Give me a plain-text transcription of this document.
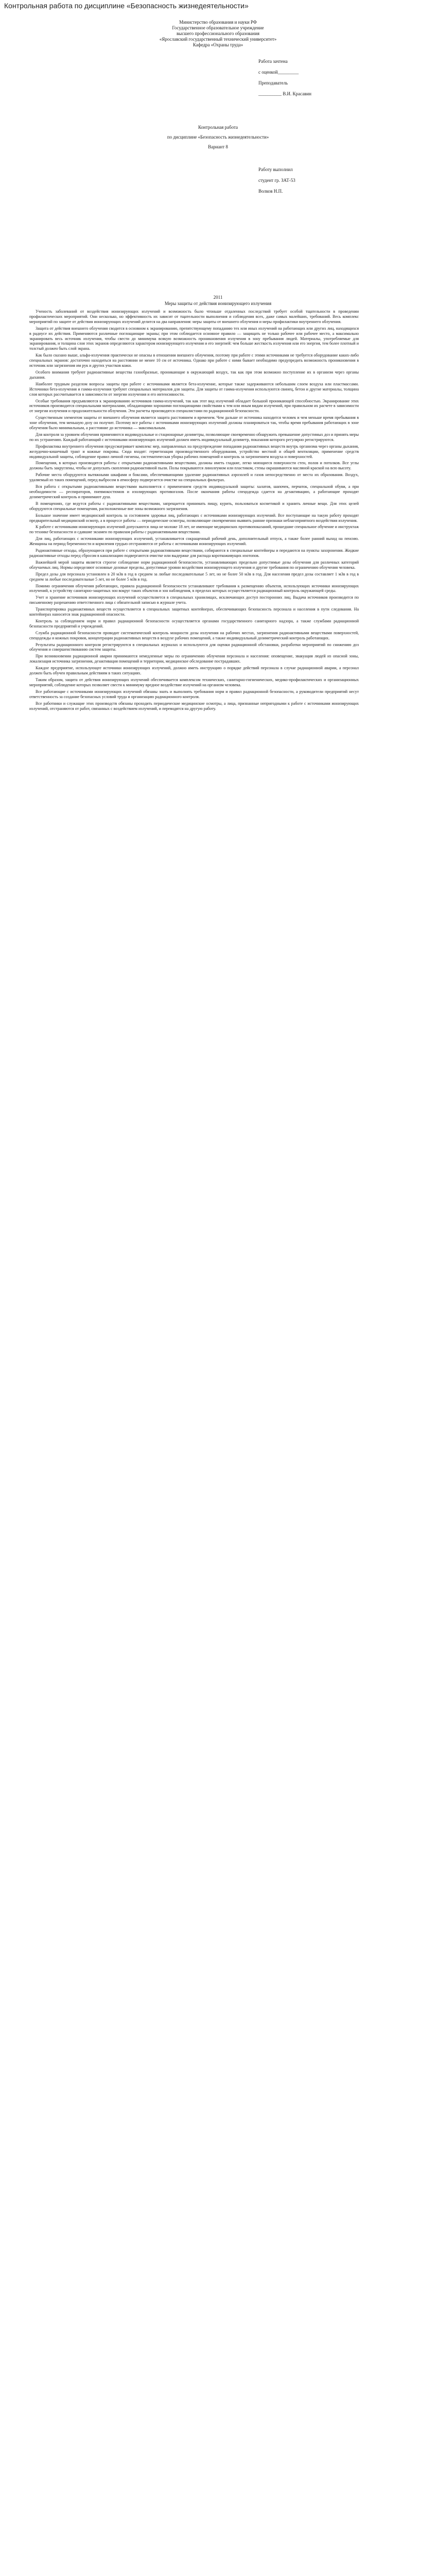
Контрольная работа по дисциплине «Безопасность жизнедеятельности»
Министерство образования и науки РФ
Государственное образовательное учреждение
высшего профессионального образования
«Ярославский государственный технический университет»
Кафедра «Охраны труда»
Работа зачтена
с оценкой_________
Преподаватель
__________ В.И. Красавин
Контрольная работа
по дисциплине «Безопасность жизнедеятельности»
Вариант 8
Работу выполнил
студент гр. ЗАТ-53
Волков Н.П.
2011
Меры защиты от действия ионизирующего излучения

Ученость заболеваний от воздействия ионизирующих излучений и возможность было чтоньше отдаленных последствий требует особой тщательности в проведении профилактических мероприятий. Они несколько, но эффективность их зависит от тщательности выполнения и соблюдения всех, даже самых малейших, требований. Весь комплекс мероприятий по защите от действия ионизирующих излучений делится на два направления: меры защиты от внешнего облучения и меры профилактики внутреннего облучения.

Защита от действия внешнего облучения сводится в основном к экранированию, препятствующему попаданию тех или иных излучений на работающих или других лиц, находящихся в радиусе их действия. Применяются различные поглощающие экраны; при этом соблюдается основное правило — защищать не только рабочее или рабочее место, а максимально экранировать весь источник излучения, чтобы свести до минимума всякую возможность проникновения излучения в зону пребывания людей. Материалы, употребляемые для экранирования, и толщина слоя этих экранов определяются характером ионизирующего излучения и его энергией: чем больше жесткость излучения или его энергия, тем более плотный и толстый должен быть слой экрана.

Как было сказано выше, альфа-излучения практически не опасны в отношении внешнего облучения, поэтому при работе с этими источниками не требуется оборудование каких-либо специальных экранов: достаточно находиться на расстоянии не менее 10 см от источника. Однако при работе с ними бывает необходимо предупредить возможность проникновения в источник или загрязнения им рук и других участков кожи.

Особого внимания требуют радиоактивные вещества газообразные, проникающие в окружающий воздух, так как при этом возможно поступление их в организм через органы дыхания.

Наиболее трудным разделом вопросы защиты при работе с источниками является бета-излучение, которые также задерживаются небольшим слоем воздуха или пластмассами. Источники бета-излучения и гамма-излучения требуют специальных материалов для защиты. Для защиты от гамма-излучения используются свинец, бетон и другие материалы, толщина слоя которых рассчитывается в зависимости от энергии излучения и его интенсивности.

Особые требования предъявляются к экранированию источников гамма-излучений, так как этот вид излучений обладает большой проникающей способностью. Экранирование этих источников производится специальными материалами, обладающими хорошими поглощающими свойствами к тем или иным видам излучений, при правильном их расчете в зависимости от энергии излучения и продолжительности облучения. Эти расчеты производятся специалистами по радиационной безопасности.

Существенным элементом защиты от внешнего облучения является защита расстоянием и временем. Чем дальше от источника находится человек и чем меньше время пребывания в зоне облучения, тем меньшую дозу он получит. Поэтому все работы с источниками ионизирующих излучений должны планироваться так, чтобы время пребывания работающих в зоне облучения было минимальным, а расстояние до источника — максимальным.

Для контроля за уровнем облучения применяются индивидуальные и стационарные дозиметры, позволяющие своевременно обнаружить превышение допустимых доз и принять меры по их устранению. Каждый работающий с источниками ионизирующих излучений должен иметь индивидуальный дозиметр, показания которого регулярно регистрируются.

Профилактика внутреннего облучения предусматривает комплекс мер, направленных на предупреждение попадания радиоактивных веществ внутрь организма через органы дыхания, желудочно-кишечный тракт и кожные покровы. Сюда входят: герметизация производственного оборудования, устройство местной и общей вентиляции, применение средств индивидуальной защиты, соблюдение правил личной гигиены, систематическая уборка рабочих помещений и контроль за загрязнением воздуха и поверхностей.

Помещения, в которых производятся работы с открытыми радиоактивными веществами, должны иметь гладкие, легко моющиеся поверхности стен, полов и потолков. Все углы должны быть закруглены, чтобы не допускать скопления радиоактивной пыли. Полы покрываются линолеумом или пластиком, стены окрашиваются масляной краской на всю высоту.

Рабочие места оборудуются вытяжными шкафами и боксами, обеспечивающими удаление радиоактивных аэрозолей и газов непосредственно от места их образования. Воздух, удаляемый из таких помещений, перед выбросом в атмосферу подвергается очистке на специальных фильтрах.

Вся работа с открытыми радиоактивными веществами выполняется с применением средств индивидуальной защиты: халатов, шапочек, перчаток, специальной обуви, а при необходимости — респираторов, пневмокостюмов и изолирующих противогазов. После окончания работы спецодежда сдается на дезактивацию, а работающие проходят дозиметрический контроль и принимают душ.

В помещениях, где ведутся работы с радиоактивными веществами, запрещается принимать пищу, курить, пользоваться косметикой и хранить личные вещи. Для этих целей оборудуются специальные помещения, расположенные вне зоны возможного загрязнения.

Большое значение имеет медицинский контроль за состоянием здоровья лиц, работающих с источниками ионизирующих излучений. Все поступающие на такую работу проходят предварительный медицинский осмотр, а в процессе работы — периодические осмотры, позволяющие своевременно выявить ранние признаки неблагоприятного воздействия излучения.

К работе с источниками ионизирующих излучений допускаются лица не моложе 18 лет, не имеющие медицинских противопоказаний, прошедшие специальное обучение и инструктаж по технике безопасности и сдавшие экзамен по правилам работы с радиоактивными веществами.

Для лиц, работающих с источниками ионизирующих излучений, устанавливается сокращенный рабочий день, дополнительный отпуск, а также более ранний выход на пенсию. Женщины на период беременности и кормления грудью отстраняются от работы с источниками ионизирующих излучений.

Радиоактивные отходы, образующиеся при работе с открытыми радиоактивными веществами, собираются в специальные контейнеры и передаются на пункты захоронения. Жидкие радиоактивные отходы перед сбросом в канализацию подвергаются очистке или выдержке для распада короткоживущих изотопов.

Важнейшей мерой защиты является строгое соблюдение норм радиационной безопасности, устанавливающих предельно допустимые дозы облучения для различных категорий облучаемых лиц. Нормы определяют основные дозовые пределы, допустимые уровни воздействия ионизирующего излучения и другие требования по ограничению облучения человека.

Предел дозы для персонала установлен в 20 мЗв в год в среднем за любые последовательные 5 лет, но не более 50 мЗв в год. Для населения предел дозы составляет 1 мЗв в год в среднем за любые последовательные 5 лет, но не более 5 мЗв в год.

Помимо ограничения облучения работающих, правила радиационной безопасности устанавливают требования к размещению объектов, использующих источники ионизирующих излучений, к устройству санитарно-защитных зон вокруг таких объектов и зон наблюдения, в пределах которых осуществляется радиационный контроль окружающей среды.

Учет и хранение источников ионизирующих излучений осуществляется в специальных хранилищах, исключающих доступ посторонних лиц. Выдача источников производится по письменному разрешению ответственного лица с обязательной записью в журнале учета.

Транспортировка радиоактивных веществ осуществляется в специальных защитных контейнерах, обеспечивающих безопасность персонала и населения в пути следования. На контейнерах наносится знак радиационной опасности.

Контроль за соблюдением норм и правил радиационной безопасности осуществляется органами государственного санитарного надзора, а также службами радиационной безопасности предприятий и учреждений.

Служба радиационной безопасности проводит систематический контроль мощности дозы излучения на рабочих местах, загрязнения радиоактивными веществами поверхностей, спецодежды и кожных покровов, концентрации радиоактивных веществ в воздухе рабочих помещений, а также индивидуальный дозиметрический контроль работающих.

Результаты радиационного контроля регистрируются в специальных журналах и используются для оценки радиационной обстановки, разработки мероприятий по снижению доз облучения и совершенствованию систем защиты.

При возникновении радиационной аварии принимаются немедленные меры по ограничению облучения персонала и населения: оповещение, эвакуация людей из опасной зоны, локализация источника загрязнения, дезактивация помещений и территории, медицинское обследование пострадавших.

Каждое предприятие, использующее источники ионизирующих излучений, должно иметь инструкцию о порядке действий персонала в случае радиационной аварии, а персонал должен быть обучен правильным действиям в таких ситуациях.

Таким образом, защита от действия ионизирующих излучений обеспечивается комплексом технических, санитарно-гигиенических, медико-профилактических и организационных мероприятий, соблюдение которых позволяет свести к минимуму вредное воздействие излучений на организм человека.

Все работающие с источниками ионизирующих излучений обязаны знать и выполнять требования норм и правил радиационной безопасности, а руководители предприятий несут ответственность за создание безопасных условий труда и организацию радиационного контроля.

Все работники и служащие этих производств обязаны проходить периодические медицинские осмотры, а лица, признанные непригодными к работе с источниками ионизирующих излучений, отстраняются от работ, связанных с воздействием излучений, и переводятся на другую работу.
